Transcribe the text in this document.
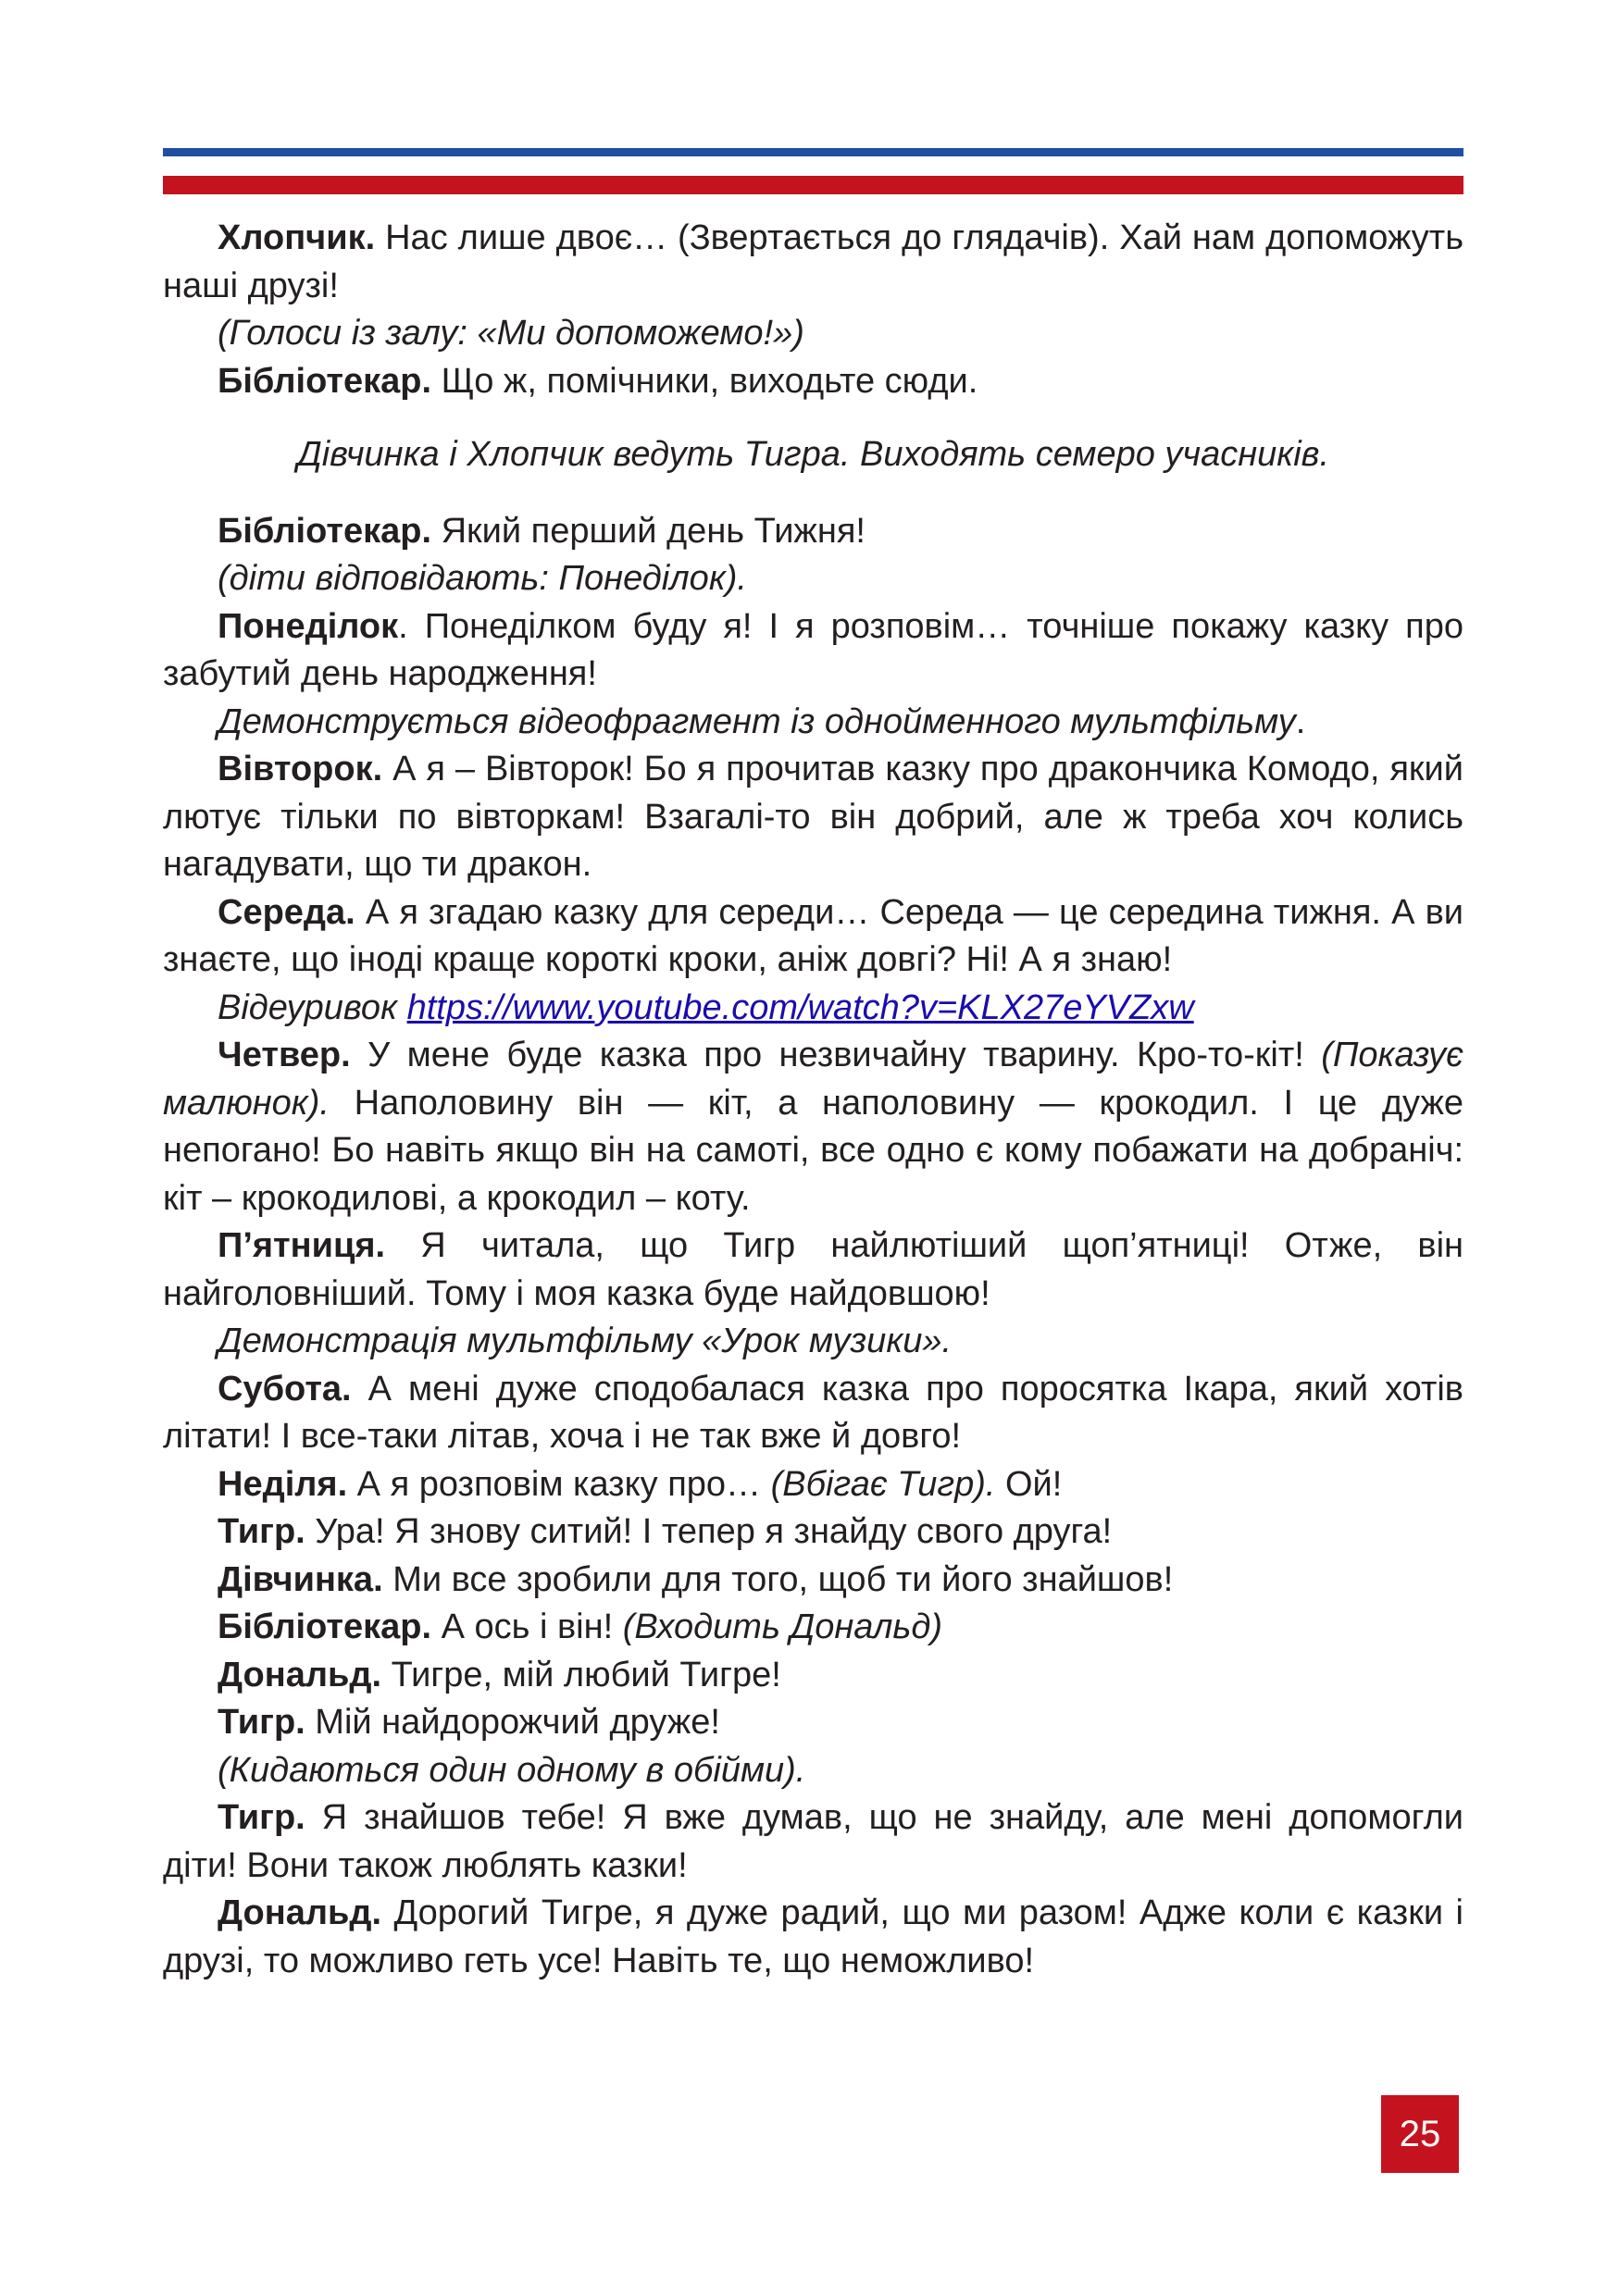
Хлопчик. Нас лише двоє… (Звертається до глядачів). Хай нам допоможуть наші друзі!

(Голоси із залу: «Ми допоможемо!»)

Бібліотекар. Що ж, помічники, виходьте сюди.

Дівчинка і Хлопчик ведуть Тигра. Виходять семеро учасників.

Бібліотекар. Який перший день Тижня!

(діти відповідають: Понеділок).

Понеділок. Понеділком буду я! І я розповім… точніше покажу казку про забутий день народження!

Демонструється відеофрагмент із однойменного мультфільму.

Вівторок. А я – Вівторок! Бо я прочитав казку про дракончика Комодо, який лютує тільки по вівторкам! Взагалі-то він добрий, але ж треба хоч колись нагадувати, що ти дракон.

Середа. А я згадаю казку для середи… Середа — це середина тижня. А ви знаєте, що іноді краще короткі кроки, аніж довгі? Ні! А я знаю!

Відеуривок https://www.youtube.com/watch?v=KLX27eYVZxw

Четвер. У мене буде казка про незвичайну тварину. Кро-то-кіт! (Показує малюнок). Наполовину він — кіт, а наполовину — крокодил. І це дуже непогано! Бо навіть якщо він на самоті, все одно є кому побажати на добраніч: кіт – крокодилові, а крокодил – коту.

П’ятниця. Я читала, що Тигр найлютіший щоп’ятниці! Отже, він найголовніший. Тому і моя казка буде найдовшою!

Демонстрація мультфільму «Урок музики».

Субота. А мені дуже сподобалася казка про поросятка Ікара, який хотів літати! І все-таки літав, хоча і не так вже й довго!

Неділя. А я розповім казку про… (Вбігає Тигр). Ой!

Тигр. Ура! Я знову ситий! І тепер я знайду свого друга!

Дівчинка. Ми все зробили для того, щоб ти його знайшов!

Бібліотекар. А ось і він! (Входить Дональд)

Дональд. Тигре, мій любий Тигре!

Тигр. Мій найдорожчий друже!

(Кидаються один одному в обійми).

Тигр. Я знайшов тебе! Я вже думав, що не знайду, але мені допомогли діти! Вони також люблять казки!

Дональд. Дорогий Тигре, я дуже радий, що ми разом! Адже коли є казки і друзі, то можливо геть усе! Навіть те, що неможливо!

25
